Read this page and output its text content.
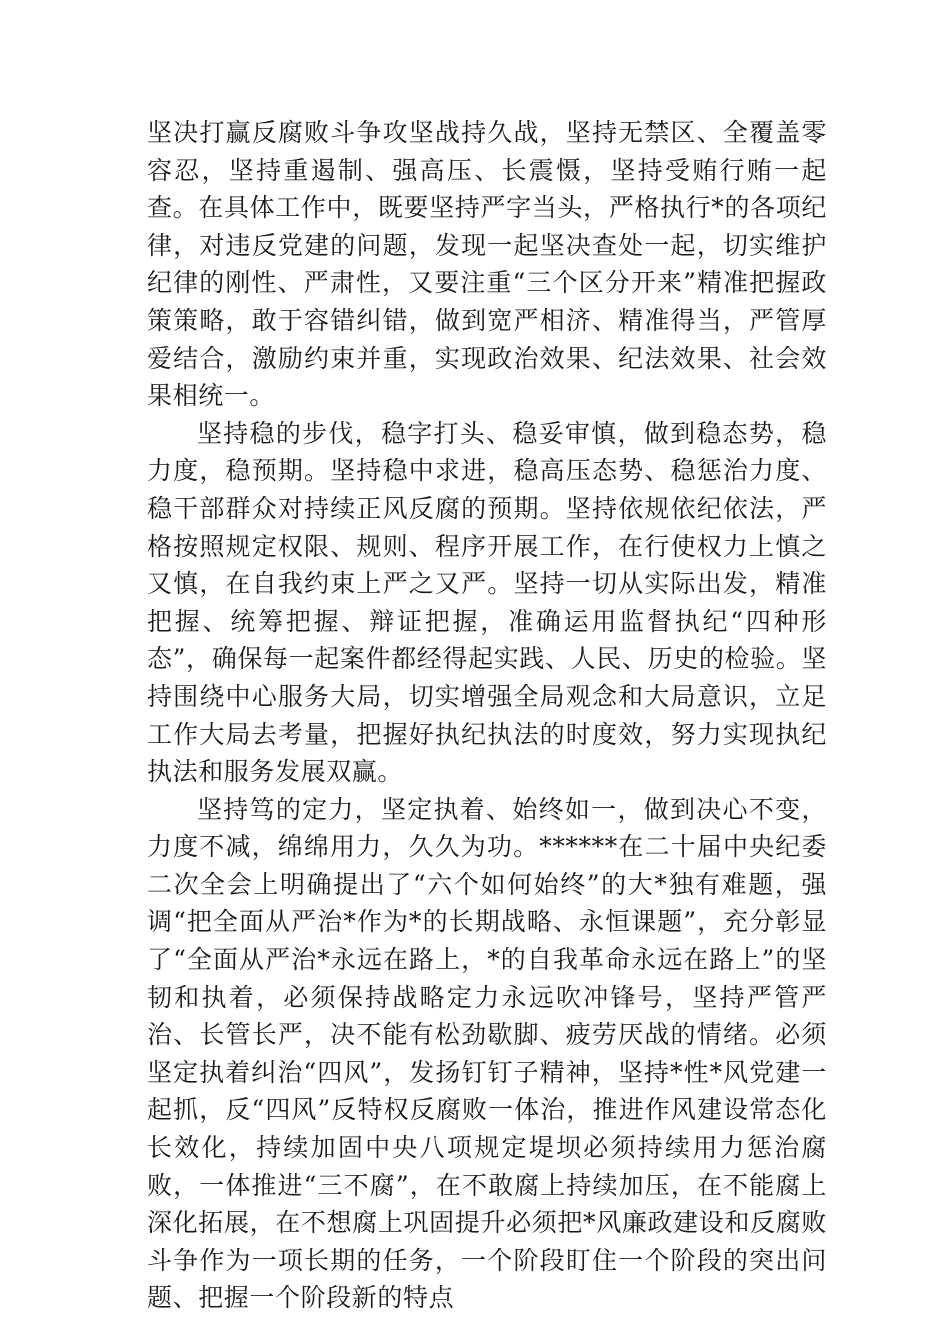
坚决打赢反腐败斗争攻坚战持久战，坚持无禁区、全覆盖零容忍，坚持重遏制、强高压、长震慑，坚持受贿行贿一起查。在具体工作中，既要坚持严字当头，严格执行*的各项纪律，对违反党建的问题，发现一起坚决查处一起，切实维护纪律的刚性、严肃性，又要注重“三个区分开来”精准把握政策策略，敢于容错纠错，做到宽严相济、精准得当，严管厚爱结合，激励约束并重，实现政治效果、纪法效果、社会效果相统一。

坚持稳的步伐，稳字打头、稳妥审慎，做到稳态势，稳力度，稳预期。坚持稳中求进，稳高压态势、稳惩治力度、稳干部群众对持续正风反腐的预期。坚持依规依纪依法，严格按照规定权限、规则、程序开展工作，在行使权力上慎之又慎，在自我约束上严之又严。坚持一切从实际出发，精准把握、统筹把握、辩证把握，准确运用监督执纪“四种形态”，确保每一起案件都经得起实践、人民、历史的检验。坚持围绕中心服务大局，切实增强全局观念和大局意识，立足工作大局去考量，把握好执纪执法的时度效，努力实现执纪执法和服务发展双赢。

坚持笃的定力，坚定执着、始终如一，做到决心不变，力度不减，绵绵用力，久久为功。******在二十届中央纪委二次全会上明确提出了“六个如何始终”的大*独有难题，强调“把全面从严治*作为*的长期战略、永恒课题”，充分彰显了“全面从严治*永远在路上，*的自我革命永远在路上”的坚韧和执着，必须保持战略定力永远吹冲锋号，坚持严管严治、长管长严，决不能有松劲歇脚、疲劳厌战的情绪。必须坚定执着纠治“四风”，发扬钉钉子精神，坚持*性*风党建一起抓，反“四风”反特权反腐败一体治，推进作风建设常态化长效化，持续加固中央八项规定堤坝必须持续用力惩治腐败，一体推进“三不腐”，在不敢腐上持续加压，在不能腐上深化拓展，在不想腐上巩固提升必须把*风廉政建设和反腐败斗争作为一项长期的任务，一个阶段盯住一个阶段的突出问题、把握一个阶段新的特点
